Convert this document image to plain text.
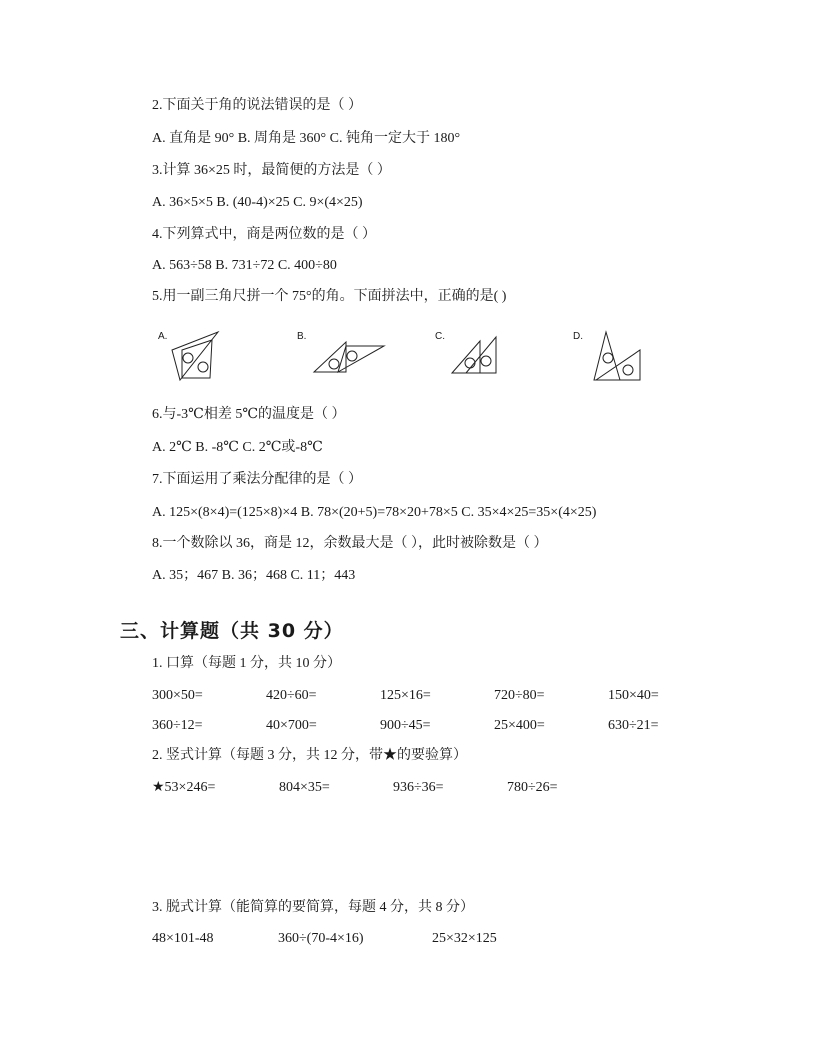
2.下面关于角的说法错误的是（ ）
A. 直角是 90° B. 周角是 360° C. 钝角一定大于 180°
3.计算 36×25 时，最简便的方法是（ ）
A. 36×5×5 B. (40-4)×25 C. 9×(4×25)
4.下列算式中，商是两位数的是（ ）
A. 563÷58 B. 731÷72 C. 400÷80
5.用一副三角尺拼一个 75°的角。下面拼法中，正确的是( )
A.	B.	C.	D.
6.与-3℃相差 5℃的温度是（ ）
A. 2℃ B. -8℃ C. 2℃或-8℃
7.下面运用了乘法分配律的是（ ）
A. 125×(8×4)=(125×8)×4 B. 78×(20+5)=78×20+78×5 C. 35×4×25=35×(4×25)
8.一个数除以 36，商是 12，余数最大是（ ），此时被除数是（ ）
A. 35；467 B. 36；468 C. 11；443
三、计算题（共 30 分）
1. 口算（每题 1 分，共 10 分）
300×50=	420÷60=	125×16=	720÷80=	150×40=
360÷12=	40×700=	900÷45=	25×400=	630÷21=
2. 竖式计算（每题 3 分，共 12 分，带★的要验算）
★53×246=	804×35=	936÷36=	780÷26=
3. 脱式计算（能简算的要简算，每题 4 分，共 8 分）
48×101-48	360÷(70-4×16)	25×32×125
